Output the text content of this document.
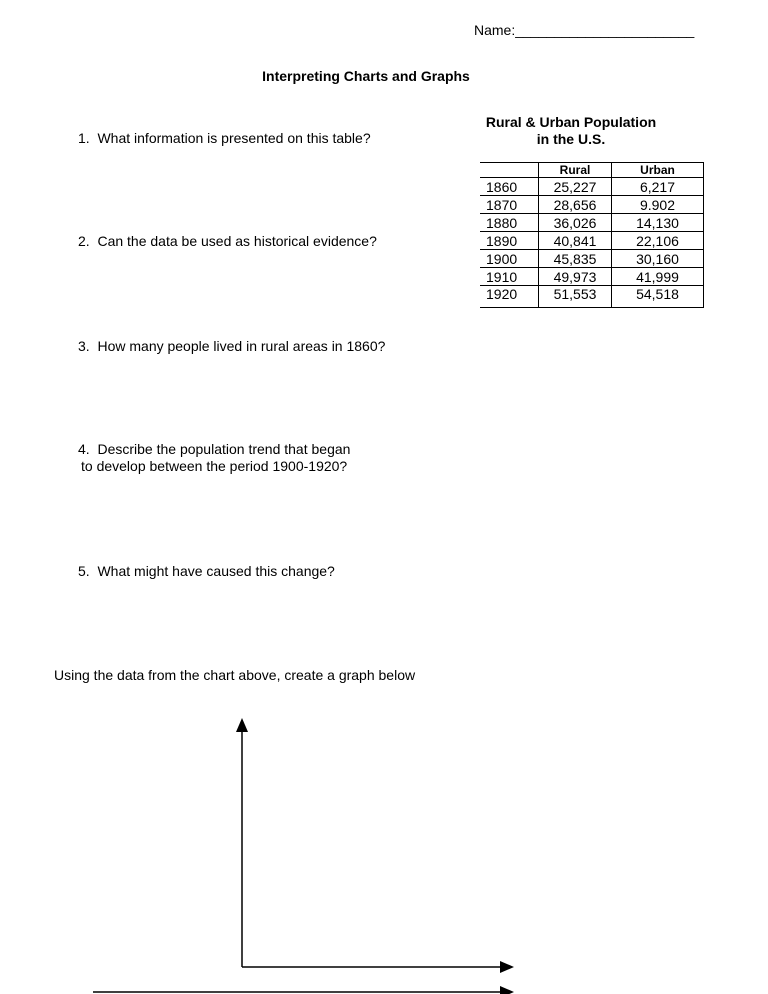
Name:_______________________
Interpreting Charts and Graphs
1. What information is presented on this table?
2. Can the data be used as historical evidence?
3. How many people lived in rural areas in 1860?
4. Describe the population trend that began
to develop between the period 1900-1920?
5. What might have caused this change?
Rural & Urban Population
in the U.S.
	Rural	Urban
1860	25,227	6,217
1870	28,656	9.902
1880	36,026	14,130
1890	40,841	22,106
1900	45,835	30,160
1910	49,973	41,999
1920	51,553	54,518
Using the data from the chart above, create a graph below
